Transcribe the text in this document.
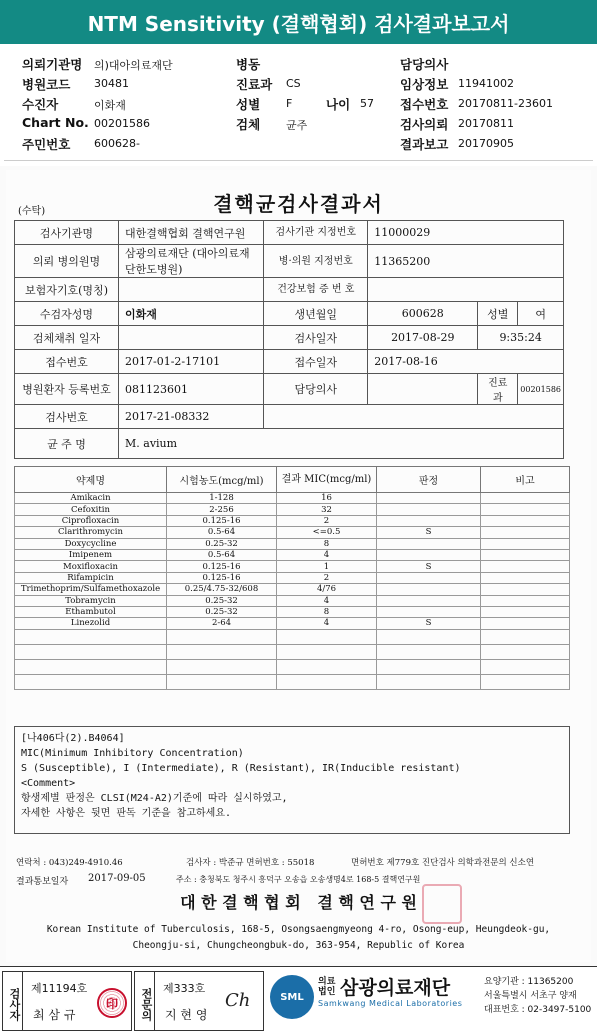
NTM Sensitivity (결핵협회) 검사결과보고서
의뢰기관명 의)대아의료재단	병동	담당의사
병원코드 30481	진료과 CS	임상정보 11941002
수진자	이화재	성별 F	나이 57 접수번호 20170811-23601
Chart No. 00201586	검체 균주	검사의뢰 20170811
주민번호 600628-	결과보고 20170905
(수탁)	결핵균검사결과서
검사기관명	대한결핵협회 결핵연구원	검사기관 지정번호	11000029		
의뢰 병의원명	삼광의료재단 (대아의료재단한도병원)	병·의원 지정번호	11365200		
보험자기호(명칭)		건강보험 증 번 호			
수검자성명	이화재	생년월일	600628	성별	여
검체채취 일자		검사일자	2017-08-29	9:35:24	
접수번호	2017-01-2-17101	접수일자	2017-08-16		
병원환자 등록번호	081123601	담당의사		진료과	00201586
검사번호	2017-21-08332				
균 주 명	M. avium				
약제명	시험농도(mcg/ml)	결과 MIC(mcg/ml)	판정	비고
Amikacin	1-128	16		
Cefoxitin	2-256	32		
Ciprofloxacin	0.125-16	2		
Clarithromycin	0.5-64	<=0.5	S	
Doxycycline	0.25-32	8		
Imipenem	0.5-64	4		
Moxifloxacin	0.125-16	1	S	
Rifampicin	0.125-16	2		
Trimethoprim/Sulfamethoxazole	0.25/4.75-32/608	4/76		
Tobramycin	0.25-32	4		
Ethambutol	0.25-32	8		
Linezolid	2-64	4	S	

[나406다(2).B4064]
MIC(Minimum Inhibitory Concentration)
S (Susceptible), I (Intermediate), R (Resistant), IR(Inducible resistant)
<Comment>
항생제별 판정은 CLSI(M24-A2)기준에 따라 실시하였고,
자세한 사항은 뒷면 판독 기준을 참고하세요.
연락처 : 043)249-4910.46	검사자 : 박준규 면허번호 : 55018	면허번호 제779호 진단검사 의학과전문의 신소연
결과통보일자 2017-09-05	주소 : 충청북도 청주시 흥덕구 오송읍 오송생명4로 168-5 결핵연구원
대 한 결 핵 협 회   결 핵 연 구 원
Korean Institute of Tuberculosis, 168-5, Osongsaengmyeong 4-ro, Osong-eup, Heungdeok-gu,
Cheongju-si, Chungcheongbuk-do, 363-954, Republic of Korea
검사자 제11194호
최 삼 규
印	전문의 제333호
지 현 영
Ch	SML
의료
법인 삼광의료재단
Samkwang Medical Laboratories
요양기관 : 11365200
서울특별시 서초구 양재
대표번호 : 02-3497-5100
